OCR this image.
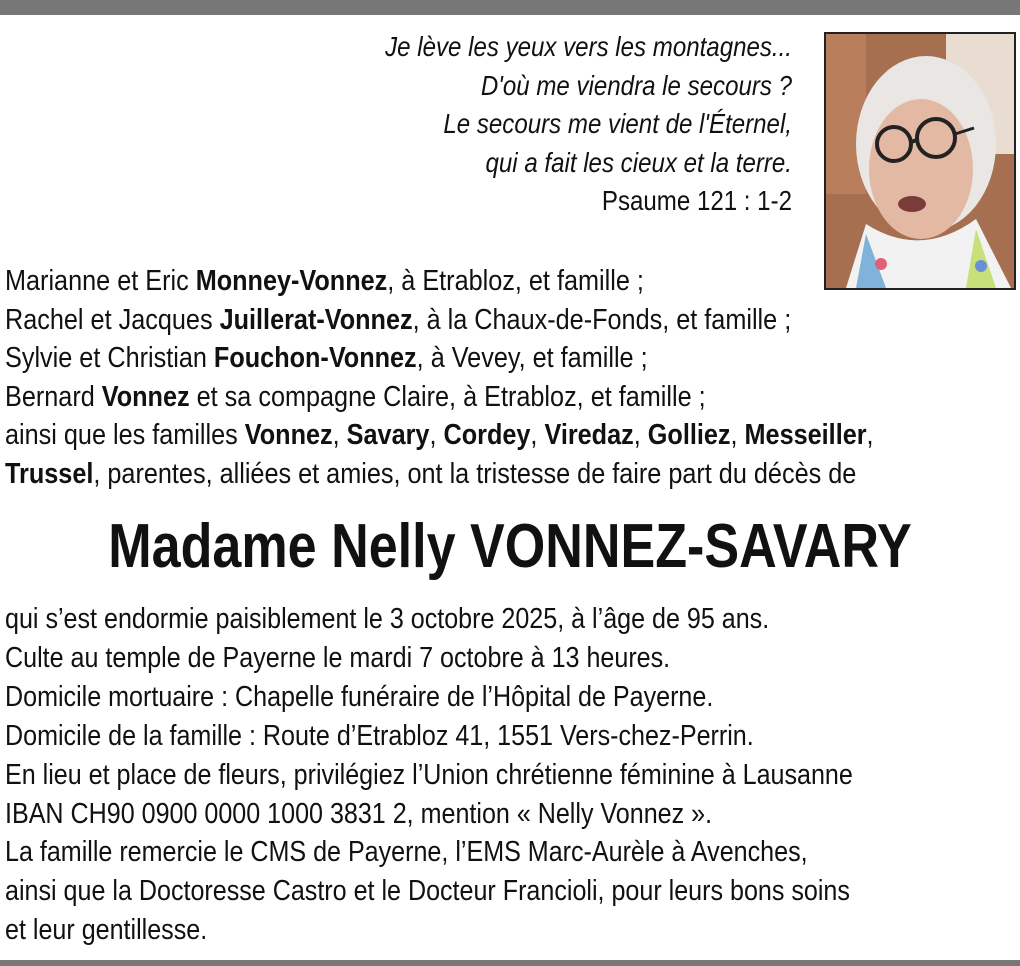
Je lève les yeux vers les montagnes...
D'où me viendra le secours ?
Le secours me vient de l'Éternel,
qui a fait les cieux et la terre.
Psaume 121 : 1-2
Marianne et Eric Monney-Vonnez, à Etrabloz, et famille ;
Rachel et Jacques Juillerat-Vonnez, à la Chaux-de-Fonds, et famille ;
Sylvie et Christian Fouchon-Vonnez, à Vevey, et famille ;
Bernard Vonnez et sa compagne Claire, à Etrabloz, et famille ;
ainsi que les familles Vonnez, Savary, Cordey, Viredaz, Golliez, Messeiller,
Trussel, parentes, alliées et amies, ont la tristesse de faire part du décès de
Madame Nelly VONNEZ-SAVARY
qui s’est endormie paisiblement le 3 octobre 2025, à l’âge de 95 ans.
Culte au temple de Payerne le mardi 7 octobre à 13 heures.
Domicile mortuaire : Chapelle funéraire de l’Hôpital de Payerne.
Domicile de la famille : Route d’Etrabloz 41, 1551 Vers-chez-Perrin.
En lieu et place de fleurs, privilégiez l’Union chrétienne féminine à Lausanne
IBAN CH90 0900 0000 1000 3831 2, mention « Nelly Vonnez ».
La famille remercie le CMS de Payerne, l’EMS Marc-Aurèle à Avenches,
ainsi que la Doctoresse Castro et le Docteur Francioli, pour leurs bons soins
et leur gentillesse.
